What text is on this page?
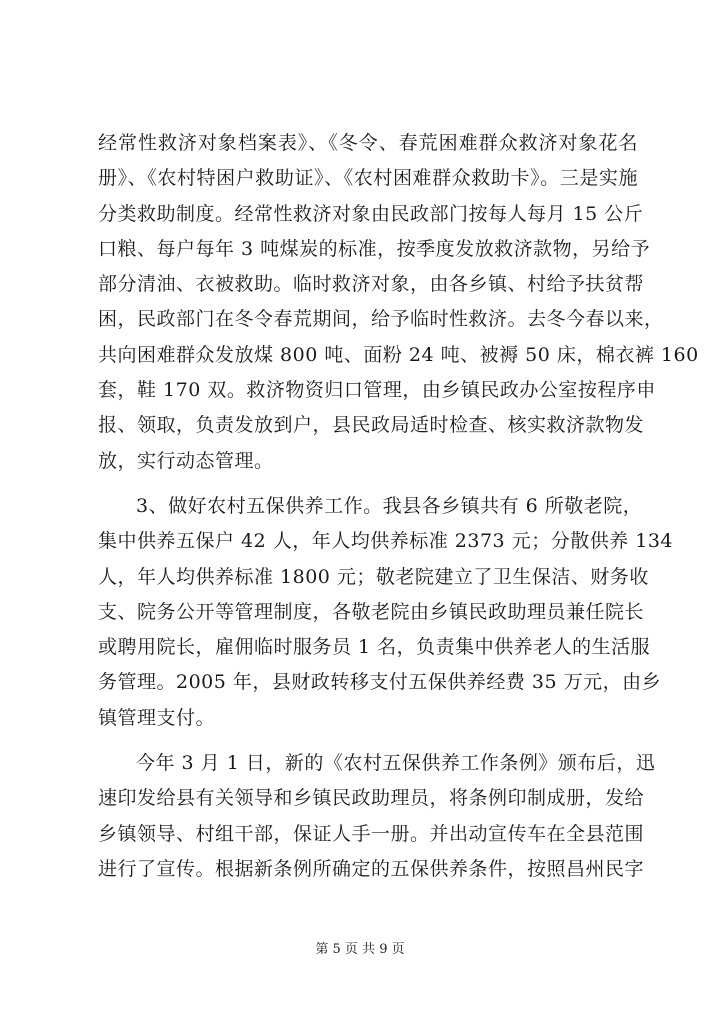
经常性救济对象档案表》、《冬令、春荒困难群众救济对象花名
册》、《农村特困户救助证》、《农村困难群众救助卡》。三是实施
分类救助制度。经常性救济对象由民政部门按每人每月 15 公斤
口粮、每户每年 3 吨煤炭的标准，按季度发放救济款物，另给予
部分清油、衣被救助。临时救济对象，由各乡镇、村给予扶贫帮
困，民政部门在冬令春荒期间，给予临时性救济。去冬今春以来，
共向困难群众发放煤 800 吨、面粉 24 吨、被褥 50 床，棉衣裤 160
套，鞋 170 双。救济物资归口管理，由乡镇民政办公室按程序申
报、领取，负责发放到户，县民政局适时检查、核实救济款物发
放，实行动态管理。
3、做好农村五保供养工作。我县各乡镇共有 6 所敬老院，
集中供养五保户 42 人，年人均供养标准 2373 元；分散供养 134
人，年人均供养标准 1800 元；敬老院建立了卫生保洁、财务收
支、院务公开等管理制度，各敬老院由乡镇民政助理员兼任院长
或聘用院长，雇佣临时服务员 1 名，负责集中供养老人的生活服
务管理。2005 年，县财政转移支付五保供养经费 35 万元，由乡
镇管理支付。
今年 3 月 1 日，新的《农村五保供养工作条例》颁布后，迅
速印发给县有关领导和乡镇民政助理员，将条例印制成册，发给
乡镇领导、村组干部，保证人手一册。并出动宣传车在全县范围
进行了宣传。根据新条例所确定的五保供养条件，按照昌州民字
第 5 页 共 9 页
